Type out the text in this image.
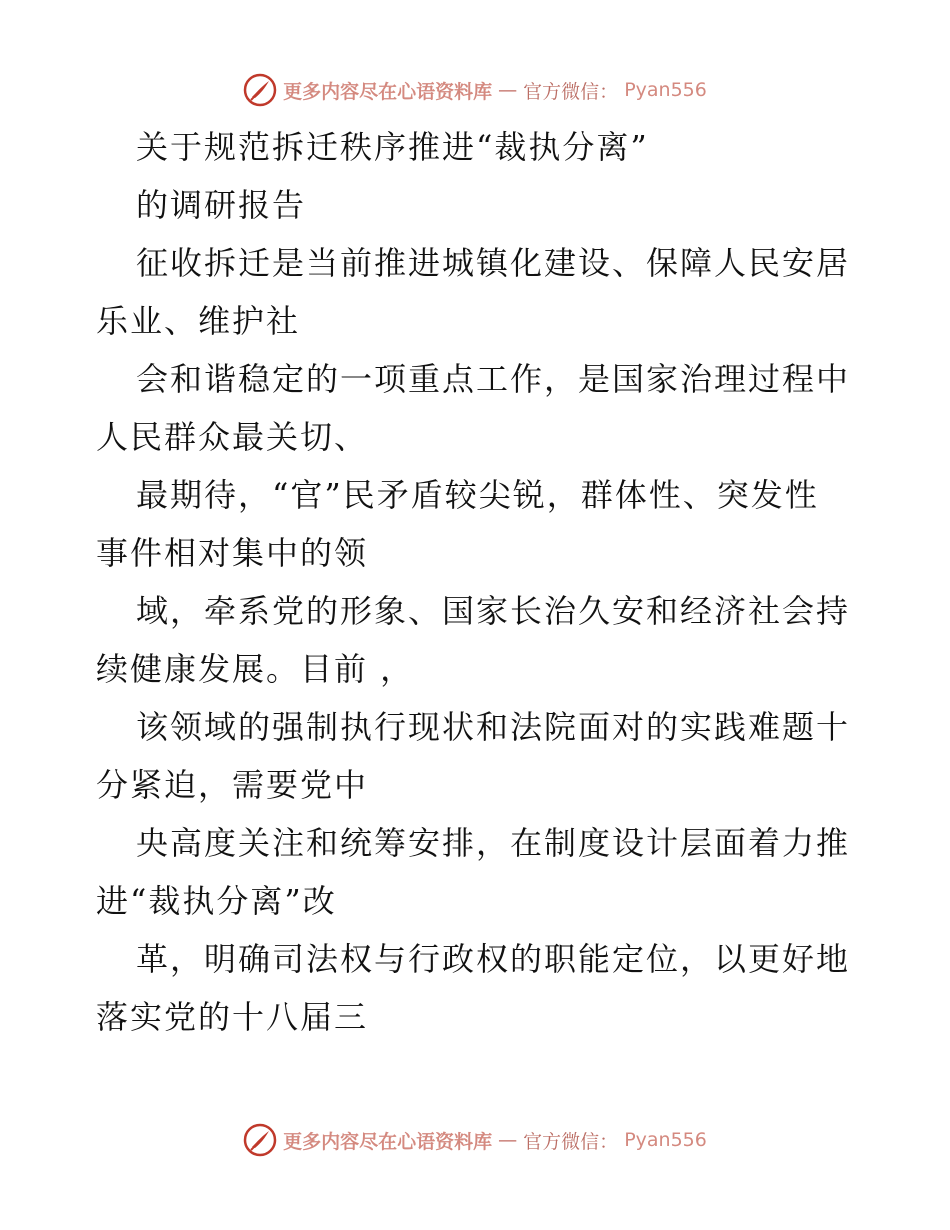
更多内容尽在心语资料库 — 官方微信： Pyan556
关于规范拆迁秩序推进“裁执分离”
的调研报告
征收拆迁是当前推进城镇化建设、保障人民安居
乐业、维护社
会和谐稳定的一项重点工作，是国家治理过程中
人民群众最关切、
最期待，“官”民矛盾较尖锐，群体性、突发性
事件相对集中的领
域，牵系党的形象、国家长治久安和经济社会持
续健康发展。目前 ，
该领域的强制执行现状和法院面对的实践难题十
分紧迫，需要党中
央高度关注和统筹安排，在制度设计层面着力推
进“裁执分离”改
革，明确司法权与行政权的职能定位，以更好地
落实党的十八届三
更多内容尽在心语资料库 — 官方微信： Pyan556
